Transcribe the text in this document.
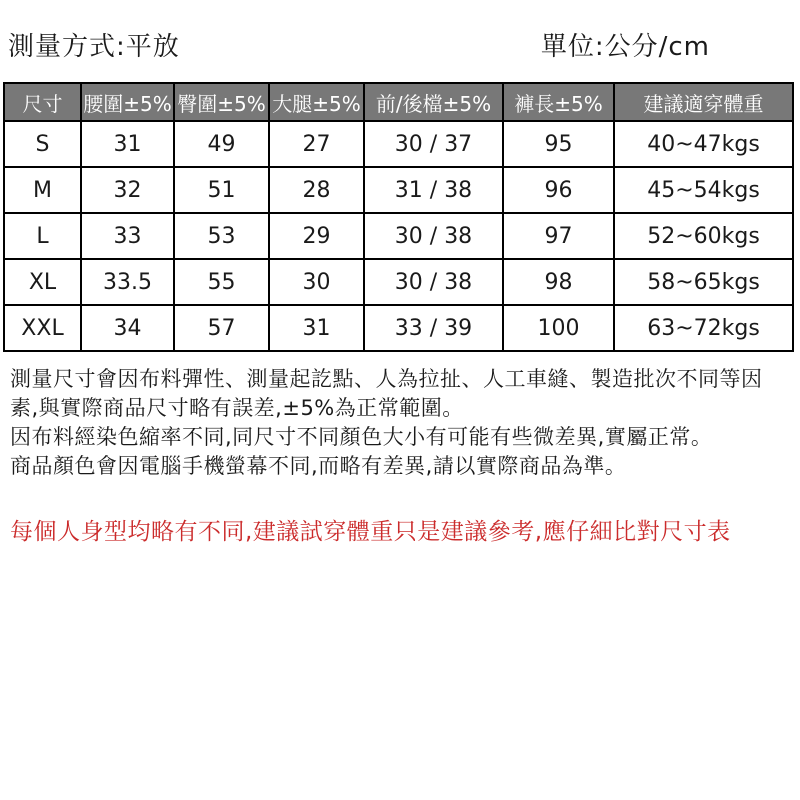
測量方式:平放	單位:公分/cm
尺寸	腰圍±5%	臀圍±5%	大腿±5%	前/後檔±5%	褲長±5%	建議適穿體重
S	31	49	27	30 / 37	95	40~47kgs
M	32	51	28	31 / 38	96	45~54kgs
L	33	53	29	30 / 38	97	52~60kgs
XL	33.5	55	30	30 / 38	98	58~65kgs
XXL	34	57	31	33 / 39	100	63~72kgs
測量尺寸會因布料彈性、測量起訖點、人為拉扯、人工車縫、製造批次不同等因
素,與實際商品尺寸略有誤差,±5%為正常範圍。
因布料經染色縮率不同,同尺寸不同顏色大小有可能有些微差異,實屬正常。
商品顏色會因電腦手機螢幕不同,而略有差異,請以實際商品為準。
每個人身型均略有不同,建議試穿體重只是建議參考,應仔細比對尺寸表
